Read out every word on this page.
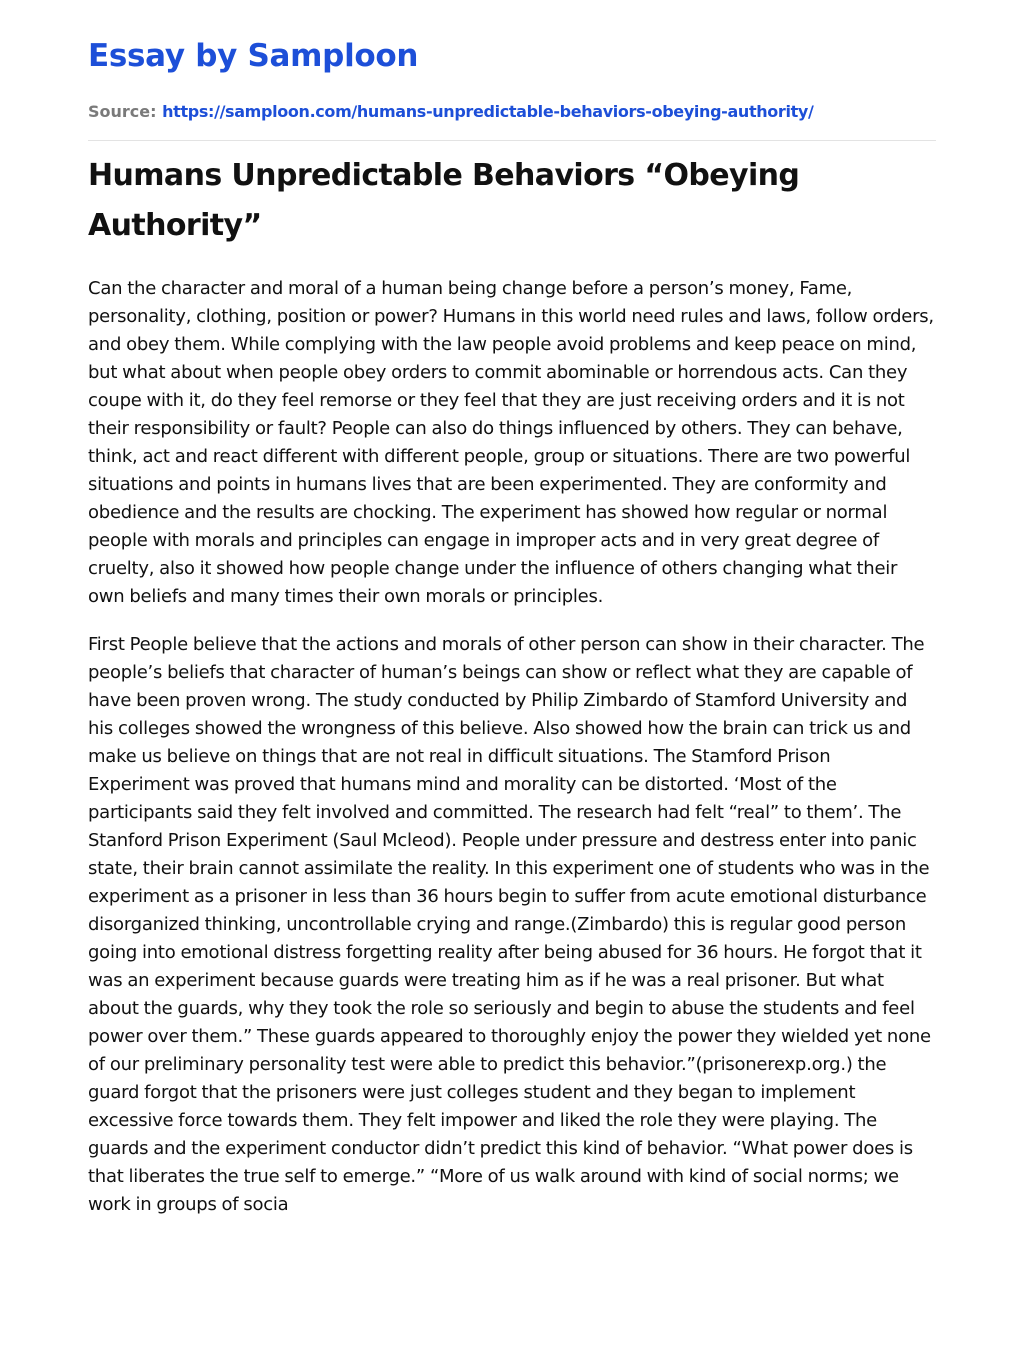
Essay by Samploon
Source: https://samploon.com/humans-unpredictable-behaviors-obeying-authority/
Humans Unpredictable Behaviors “Obeying Authority”

Can the character and moral of a human being change before a person’s money, Fame, personality, clothing, position or power? Humans in this world need rules and laws, follow orders, and obey them. While complying with the law people avoid problems and keep peace on mind, but what about when people obey orders to commit abominable or horrendous acts. Can they coupe with it, do they feel remorse or they feel that they are just receiving orders and it is not their responsibility or fault? People can also do things influenced by others. They can behave, think, act and react different with different people, group or situations. There are two powerful situations and points in humans lives that are been experimented. They are conformity and obedience and the results are chocking. The experiment has showed how regular or normal people with morals and principles can engage in improper acts and in very great degree of cruelty, also it showed how people change under the influence of others changing what their own beliefs and many times their own morals or principles.

First People believe that the actions and morals of other person can show in their character. The people’s beliefs that character of human’s beings can show or reflect what they are capable of have been proven wrong. The study conducted by Philip Zimbardo of Stamford University and his colleges showed the wrongness of this believe. Also showed how the brain can trick us and make us believe on things that are not real in difficult situations. The Stamford Prison Experiment was proved that humans mind and morality can be distorted. ‘Most of the participants said they felt involved and committed. The research had felt “real” to them’. The Stanford Prison Experiment (Saul Mcleod). People under pressure and destress enter into panic state, their brain cannot assimilate the reality. In this experiment one of students who was in the experiment as a prisoner in less than 36 hours begin to suffer from acute emotional disturbance disorganized thinking, uncontrollable crying and range.(Zimbardo) this is regular good person going into emotional distress forgetting reality after being abused for 36 hours. He forgot that it was an experiment because guards were treating him as if he was a real prisoner. But what about the guards, why they took the role so seriously and begin to abuse the students and feel power over them.” These guards appeared to thoroughly enjoy the power they wielded yet none of our preliminary personality test were able to predict this behavior.”(prisonerexp.org.) the guard forgot that the prisoners were just colleges student and they began to implement excessive force towards them. They felt impower and liked the role they were playing. The guards and the experiment conductor didn’t predict this kind of behavior. “What power does is that liberates the true self to emerge.” “More of us walk around with kind of social norms; we work in groups of socia
